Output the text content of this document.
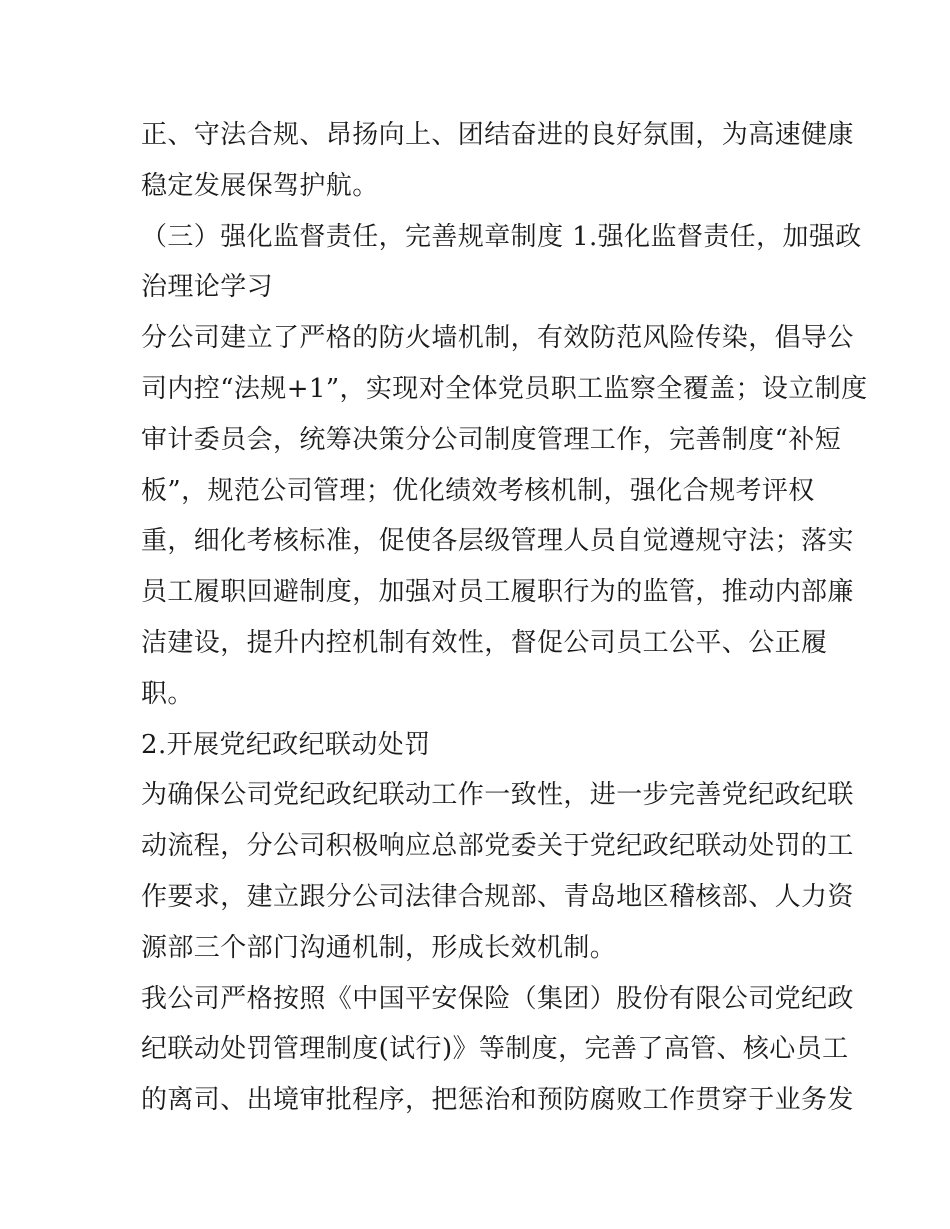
正、守法合规、昂扬向上、团结奋进的良好氛围，为高速健康
稳定发展保驾护航。
（三）强化监督责任，完善规章制度 1.强化监督责任，加强政
治理论学习
分公司建立了严格的防火墙机制，有效防范风险传染，倡导公
司内控“法规+1”，实现对全体党员职工监察全覆盖；设立制度
审计委员会，统筹决策分公司制度管理工作，完善制度“补短
板”，规范公司管理；优化绩效考核机制，强化合规考评权
重，细化考核标准，促使各层级管理人员自觉遵规守法；落实
员工履职回避制度，加强对员工履职行为的监管，推动内部廉
洁建设，提升内控机制有效性，督促公司员工公平、公正履
职。
2.开展党纪政纪联动处罚
为确保公司党纪政纪联动工作一致性，进一步完善党纪政纪联
动流程，分公司积极响应总部党委关于党纪政纪联动处罚的工
作要求，建立跟分公司法律合规部、青岛地区稽核部、人力资
源部三个部门沟通机制，形成长效机制。
我公司严格按照《中国平安保险（集团）股份有限公司党纪政
纪联动处罚管理制度(试行)》等制度，完善了高管、核心员工
的离司、出境审批程序，把惩治和预防腐败工作贯穿于业务发
